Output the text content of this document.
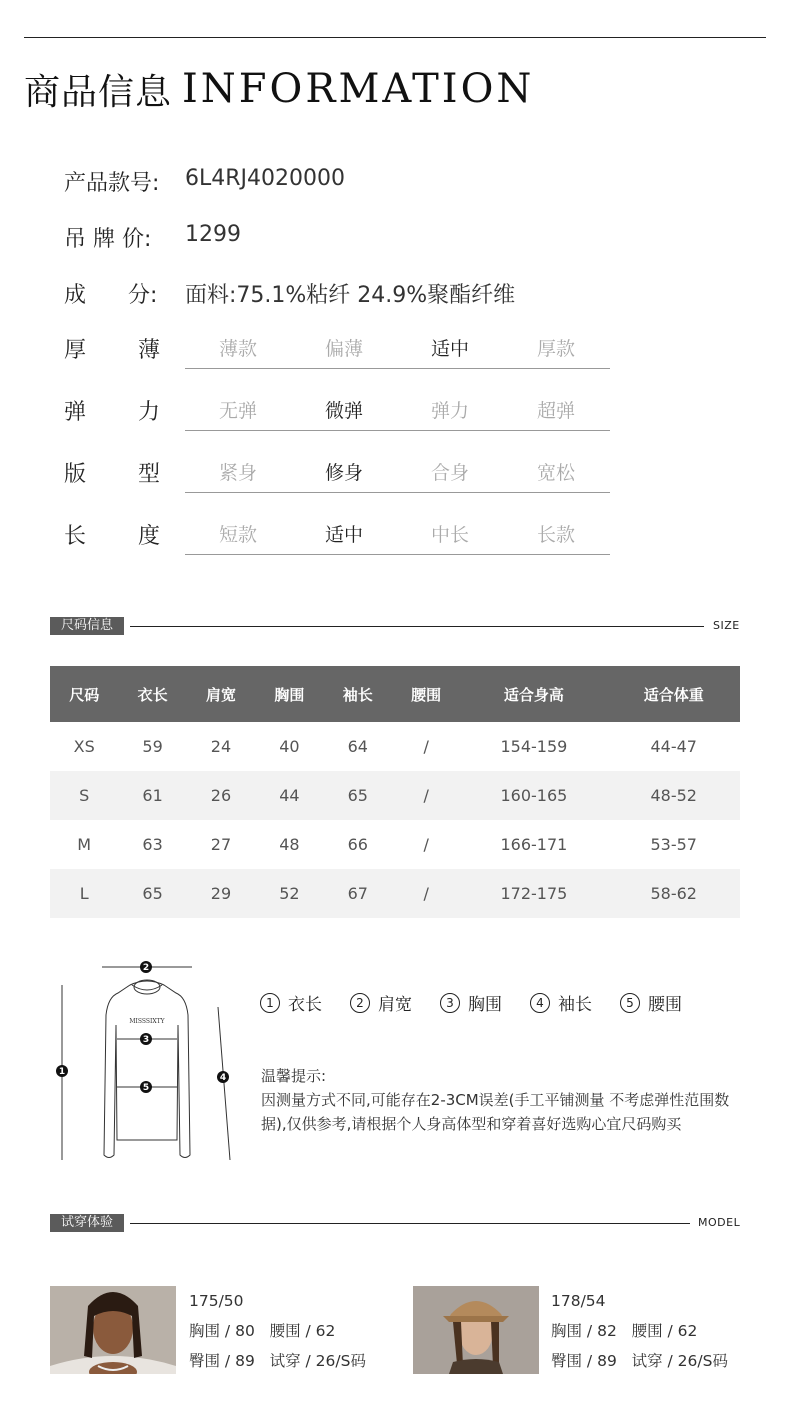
商品信息 INFORMATION
产品款号: 6L4RJ4020000
吊 牌 价: 1299
成      分: 面料:75.1%粘纤 24.9%聚酯纤维
厚 薄	薄款	偏薄	适中	厚款
弹 力	无弹	微弹	弹力	超弹
版 型	紧身	修身	合身	宽松
长 度	短款	适中	中长	长款
尺码信息	SIZE
尺码	衣长	肩宽	胸围	袖长	腰围	适合身高	适合体重
XS	59	24	40	64	/	154-159	44-47
S	61	26	44	65	/	160-165	48-52
M	63	27	48	66	/	166-171	53-57
L	65	29	52	67	/	172-175	58-62
MISSSIXTY
1
2
3
4
5
1 衣长	2 肩宽	3 胸围	4 袖长	5 腰围
温馨提示:
因测量方式不同,可能存在2-3CM误差(手工平铺测量 不考虑弹性范围数据),仅供参考,请根据个人身高体型和穿着喜好选购心宜尺码购买
试穿体验	MODEL
175/50
胸围 / 80   腰围 / 62
臀围 / 89   试穿 / 26/S码
178/54
胸围 / 82   腰围 / 62
臀围 / 89   试穿 / 26/S码
